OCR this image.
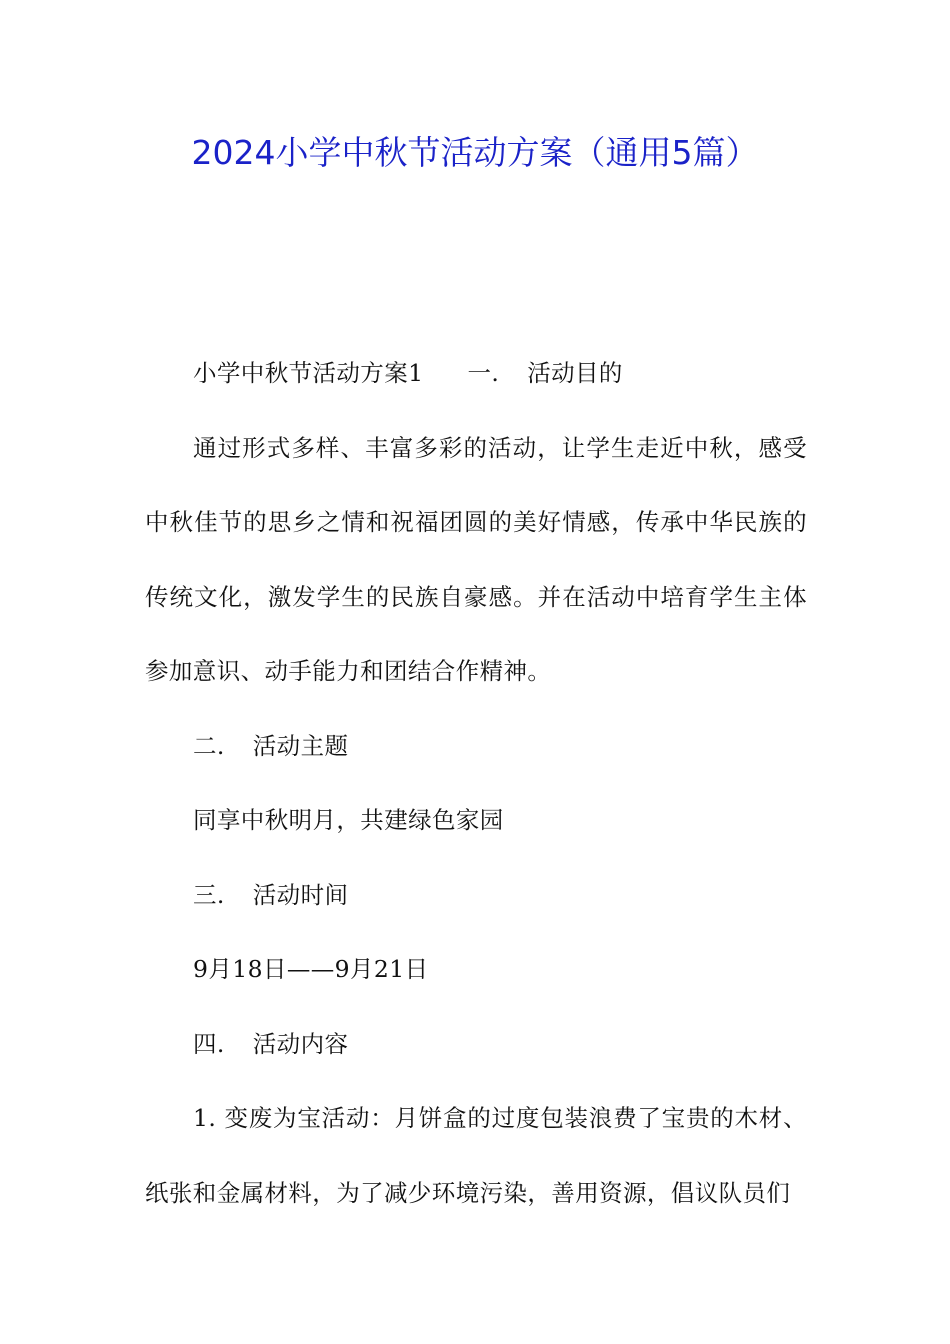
2024小学中秋节活动方案（通用5篇）

小学中秋节活动方案1 一. 活动目的

通过形式多样、丰富多彩的活动，让学生走近中秋，感受中秋佳节的思乡之情和祝福团圆的美好情感，传承中华民族的传统文化，激发学生的民族自豪感。并在活动中培育学生主体参加意识、动手能力和团结合作精神。

二. 活动主题

同享中秋明月，共建绿色家园

三. 活动时间

9月18日——9月21日

四. 活动内容

1. 变废为宝活动：月饼盒的过度包装浪费了宝贵的木材、纸张和金属材料，为了减少环境污染，善用资源，倡议队员们
